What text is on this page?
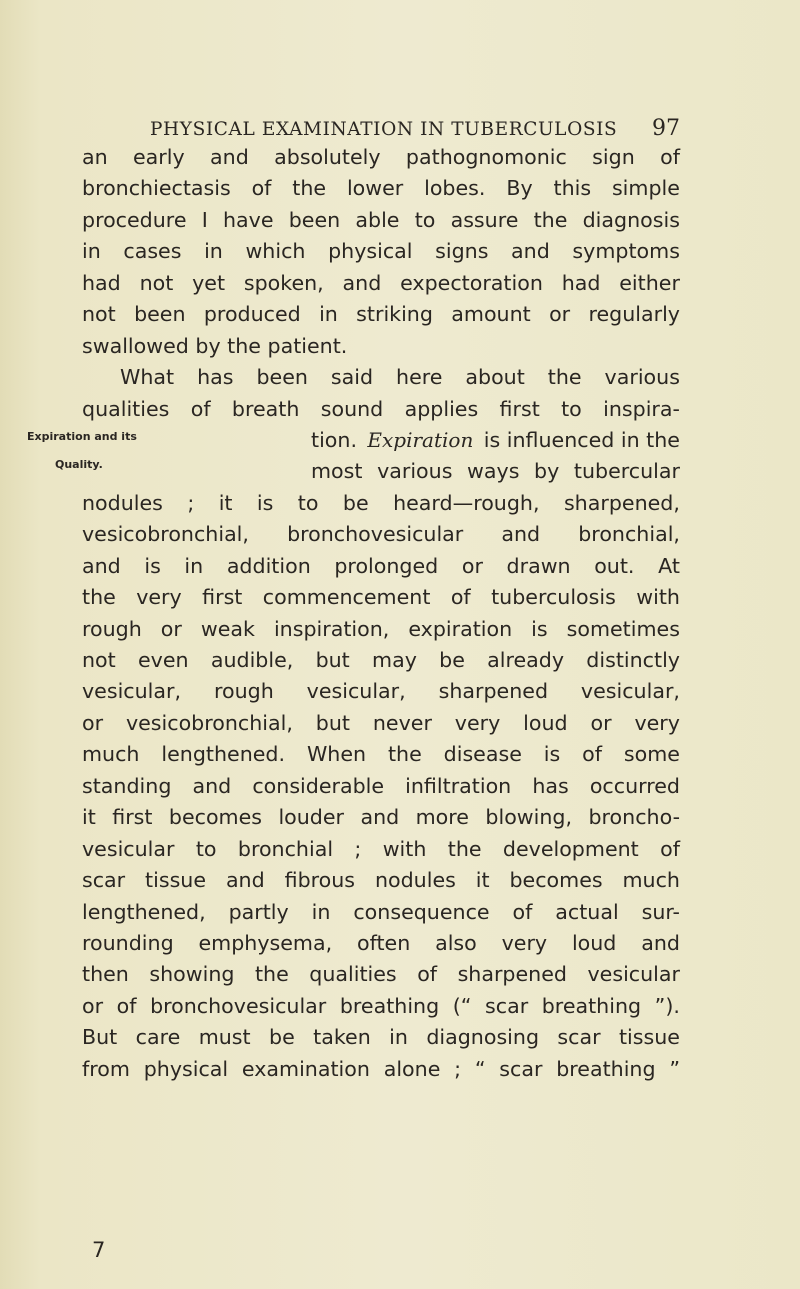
PHYSICAL EXAMINATION IN TUBERCULOSIS 97
Expiration and its
Quality.
an early and absolutely pathognomonic sign of
bronchiectasis of the lower lobes. By this simple
procedure I have been able to assure the diagnosis
in cases in which physical signs and symptoms
had not yet spoken, and expectoration had either
not been produced in striking amount or regularly
swallowed by the patient.
What has been said here about the various
qualities of breath sound applies first to inspira-
tion. Expiration is influenced in the
most various ways by tubercular
nodules ; it is to be heard—rough, sharpened,
vesicobronchial, bronchovesicular and bronchial,
and is in addition prolonged or drawn out. At
the very first commencement of tuberculosis with
rough or weak inspiration, expiration is sometimes
not even audible, but may be already distinctly
vesicular, rough vesicular, sharpened vesicular,
or vesicobronchial, but never very loud or very
much lengthened. When the disease is of some
standing and considerable infiltration has occurred
it first becomes louder and more blowing, broncho-
vesicular to bronchial ; with the development of
scar tissue and fibrous nodules it becomes much
lengthened, partly in consequence of actual sur-
rounding emphysema, often also very loud and
then showing the qualities of sharpened vesicular
or of bronchovesicular breathing (“ scar breathing ”).
But care must be taken in diagnosing scar tissue
from physical examination alone ; “ scar breathing ”
7
